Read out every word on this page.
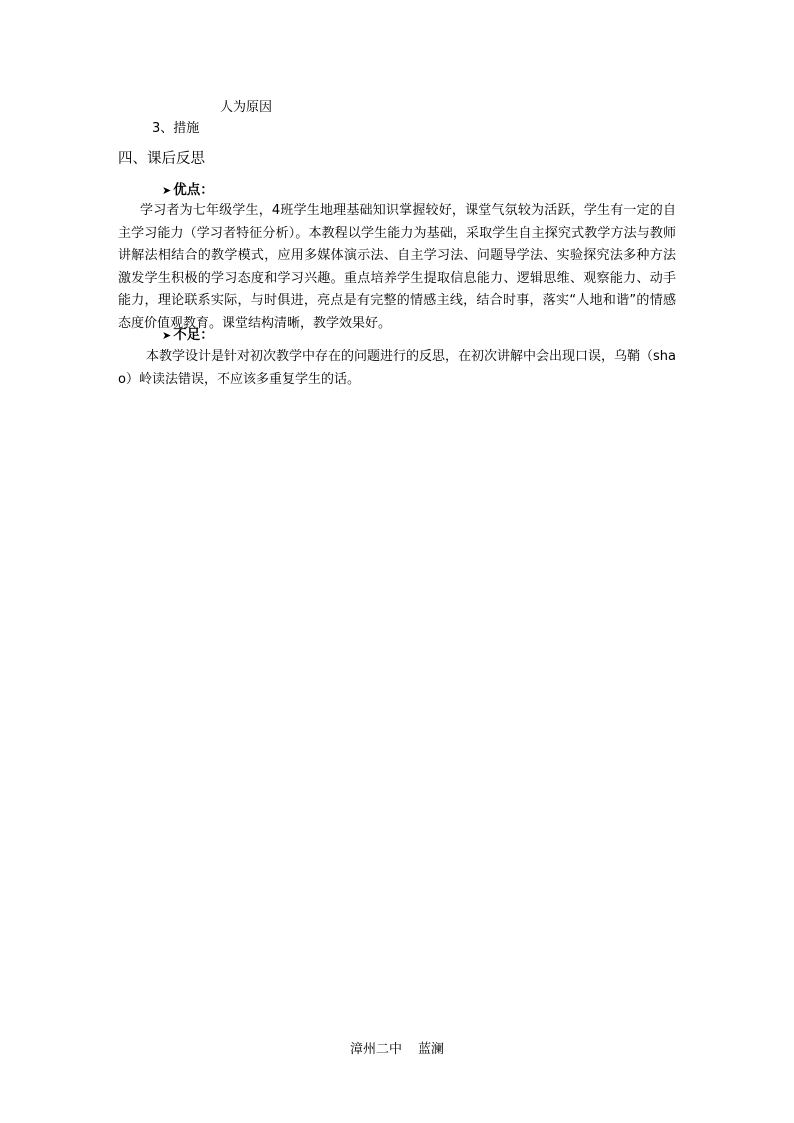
人为原因
3、措施
四、课后反思
➤ 优点：
学习者为七年级学生，4班学生地理基础知识掌握较好，课堂气氛较为活跃，学生有一定的自主学习能力（学习者特征分析）。本教程以学生能力为基础，采取学生自主探究式教学方法与教师讲解法相结合的教学模式，应用多媒体演示法、自主学习法、问题导学法、实验探究法多种方法激发学生积极的学习态度和学习兴趣。重点培养学生提取信息能力、逻辑思维、观察能力、动手能力，理论联系实际，与时俱进，亮点是有完整的情感主线，结合时事，落实“人地和谐”的情感态度价值观教育。课堂结构清晰，教学效果好。
➤ 不足：
本教学设计是针对初次教学中存在的问题进行的反思，在初次讲解中会出现口误，乌鞘（shao）岭读法错误，不应该多重复学生的话。
漳州二中 蓝澜
